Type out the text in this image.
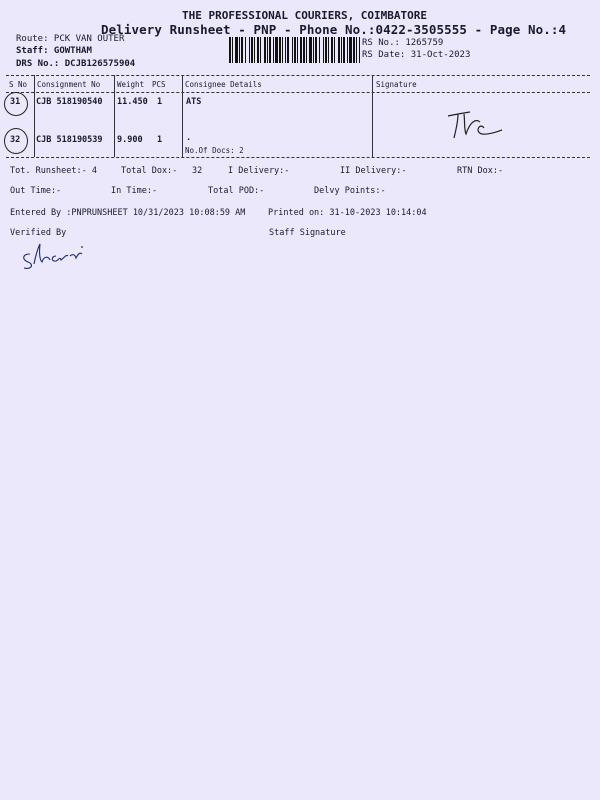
THE PROFESSIONAL COURIERS, COIMBATORE
Delivery Runsheet - PNP - Phone No.:0422-3505555 - Page No.:4
Route: PCK VAN OUTER
Staff: GOWTHAM
DRS No.: DCJB126575904
RS No.: 1265759
RS Date: 31-Oct-2023
S No Consignment No Weight PCS	Consignee Details	Signature
31 CJB 518190540 11.450 1	ATS
32 CJB 518190539 9.900 1	.
No.Of Docs: 2
Tot. Runsheet:- 4	Total Dox:- 32	I Delivery:-	II Delivery:-	RTN Dox:-
Out Time:-	In Time:-	Total POD:-	Delvy Points:-
Entered By :PNPRUNSHEET 10/31/2023 10:08:59 AM	Printed on: 31-10-2023 10:14:04
Verified By	Staff Signature
